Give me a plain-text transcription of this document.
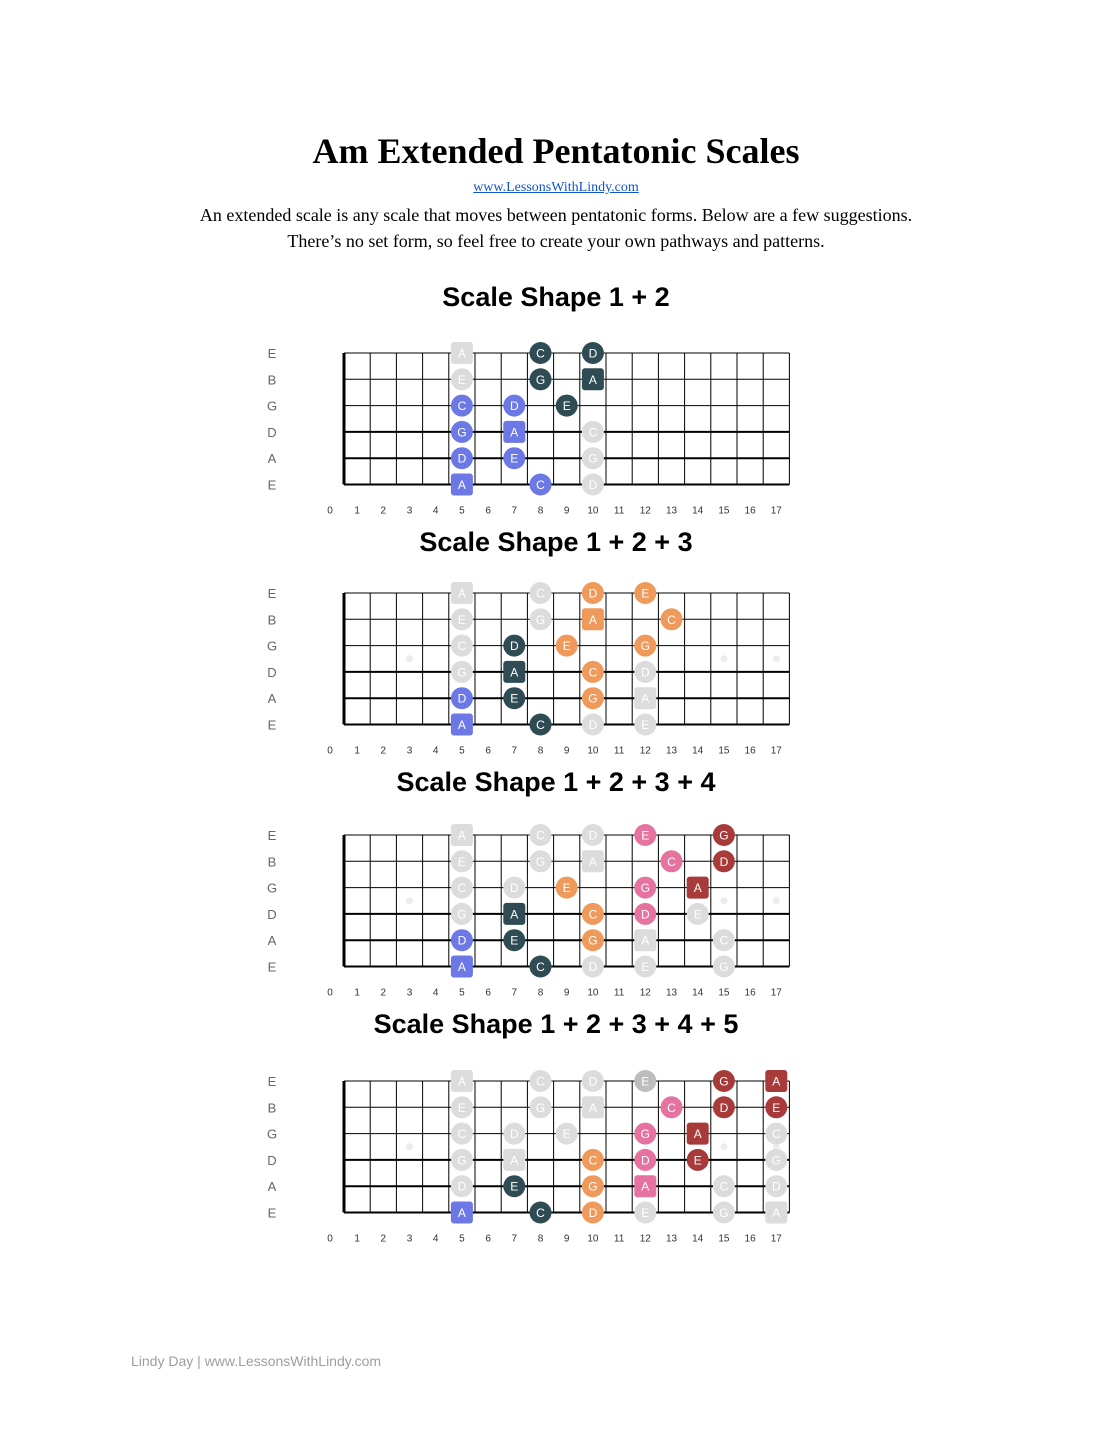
Am Extended Pentatonic Scales
www.LessonsWithLindy.com
An extended scale is any scale that moves between pentatonic forms. Below are a few suggestions.
There’s no set form, so feel free to create your own pathways and patterns.
Scale Shape 1 + 2
E
B
G
D
A
E
0 1 2 3 4 5 6 7 8 9 10 11 12 13 14 15 16 17
A
E
C
G
D
A
D
A
E
C
C
G
E
D
A
C
G
D
Scale Shape 1 + 2 + 3
E
B
G
D
A
E
0 1 2 3 4 5 6 7 8 9 10 11 12 13 14 15 16 17
A
E
C
G
D
A
C
G
D
A
E
C
D
A
E
C
G
D
E
C
G
D
A
E
Scale Shape 1 + 2 + 3 + 4
E
B
G
D
A
E
0 1 2 3 4 5 6 7 8 9 10 11 12 13 14 15 16 17
A
E
C
G
D
A
C
G
D
A
E
C
D
A
E
C
G
D
E
C
G
D
A
E
G
D
A
E
C
G
Scale Shape 1 + 2 + 3 + 4 + 5
E
B
G
D
A
E
0 1 2 3 4 5 6 7 8 9 10 11 12 13 14 15 16 17
A
E
C
G
D
A
C
G
D
A
E
C
D
A
E
C
G
D
E
C
G
D
A
E
G
D
A
E
C
G
A
E
C
G
D
A
Lindy Day | www.LessonsWithLindy.com
